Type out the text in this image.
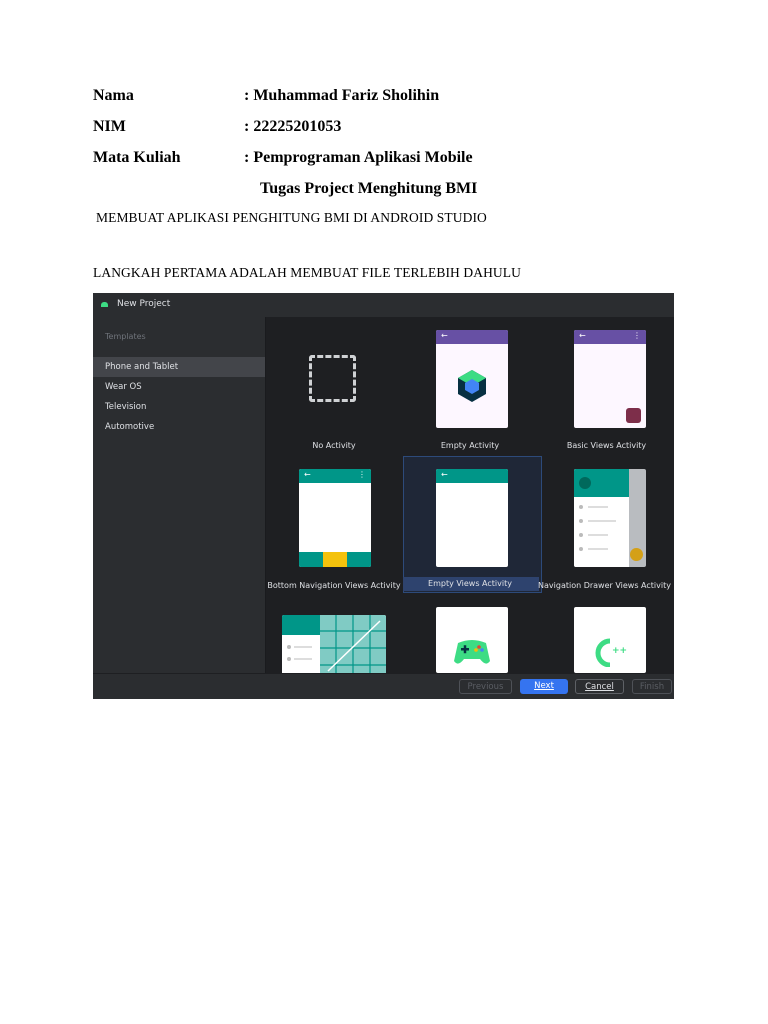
Nama	: Muhammad Fariz Sholihin
NIM	: 22225201053
Mata Kuliah	: Pemprograman Aplikasi Mobile
Tugas Project Menghitung BMI
MEMBUAT APLIKASI PENGHITUNG BMI DI ANDROID STUDIO
LANGKAH PERTAMA ADALAH MEMBUAT FILE TERLEBIH DAHULU
New Project
Templates
Phone and Tablet
Wear OS
Television
Automotive
No Activity
←
Empty Activity
←	⋮
Basic Views Activity
←	⋮
Bottom Navigation Views Activity
←
Empty Views Activity	Navigation Drawer Views Activity
++
Previous	Next	Cancel	Finish
